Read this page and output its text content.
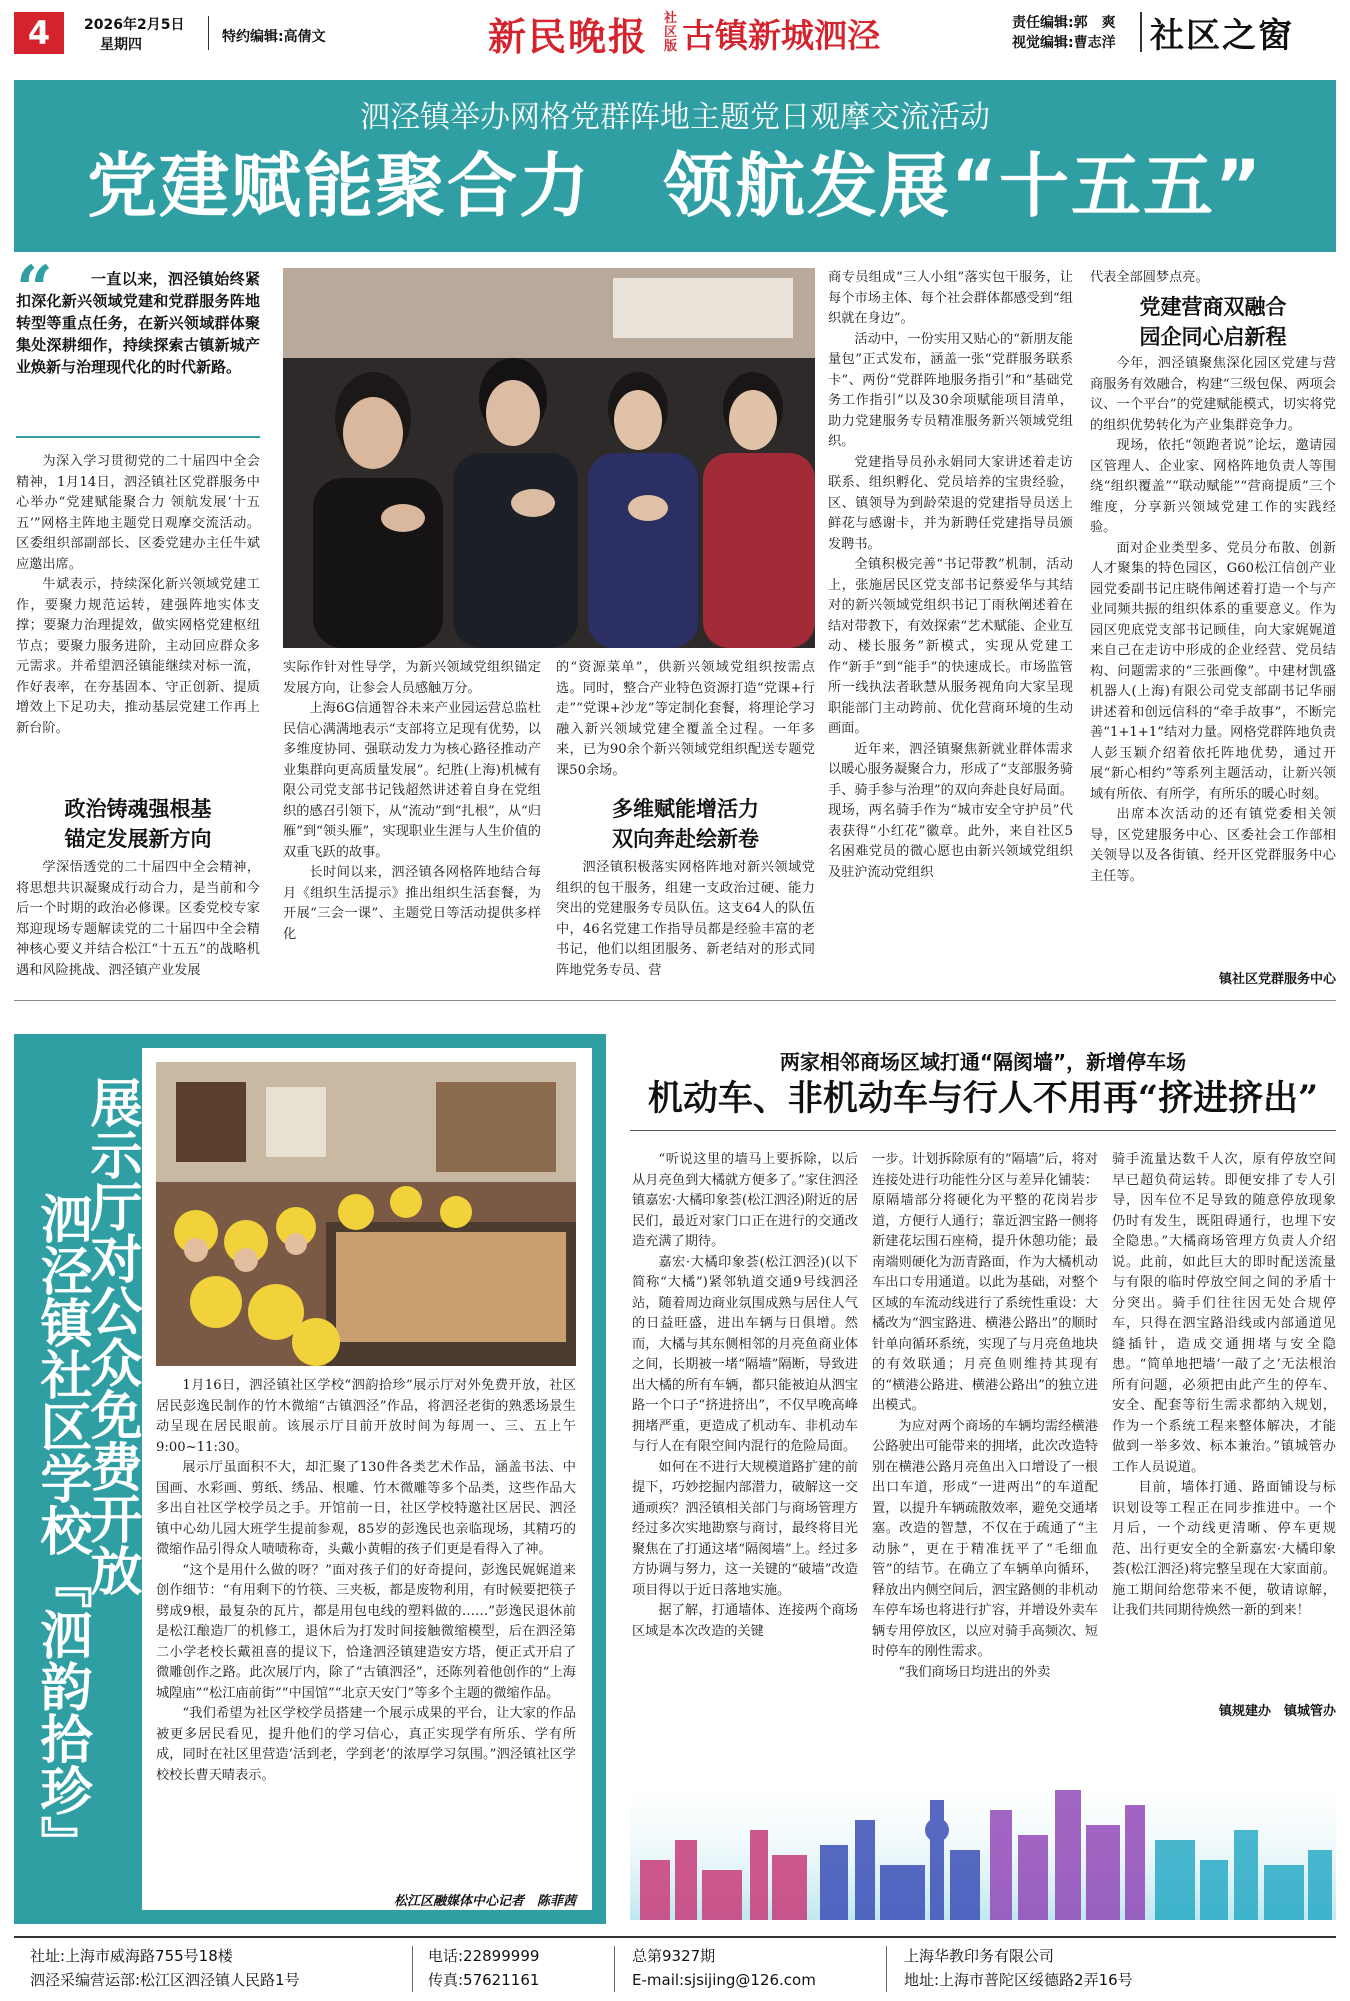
4	2026年2月5日
星期四	特约编辑:高倩文	新民晚报 社区版 古镇新城泗泾	责任编辑:郭　爽
视觉编辑:曹志洋 社区之窗
泗泾镇举办网格党群阵地主题党日观摩交流活动
党建赋能聚合力　领航发展“十五五”
“	一直以来，泗泾镇始终紧扣深化新兴领域党建和党群服务阵地转型等重点任务，在新兴领域群体聚集处深耕细作，持续探索古镇新城产业焕新与治理现代化的时代新路。

为深入学习贯彻党的二十届四中全会精神，1月14日，泗泾镇社区党群服务中心举办“党建赋能聚合力 领航发展‘十五五’”网格主阵地主题党日观摩交流活动。区委组织部副部长、区委党建办主任牛斌应邀出席。

牛斌表示，持续深化新兴领域党建工作，要聚力规范运转，建强阵地实体支撑；要聚力治理提效，做实网格党建枢纽节点；要聚力服务进阶，主动回应群众多元需求。并希望泗泾镇能继续对标一流，作好表率，在夯基固本、守正创新、提质增效上下足功夫，推动基层党建工作再上新台阶。

政治铸魂强根基
锚定发展新方向

学深悟透党的二十届四中全会精神，将思想共识凝聚成行动合力，是当前和今后一个时期的政治必修课。区委党校专家郑迎现场专题解读党的二十届四中全会精神核心要义并结合松江“十五五”的战略机遇和风险挑战、泗泾镇产业发展

实际作针对性导学，为新兴领域党组织锚定发展方向，让参会人员感触万分。

上海6G信通智谷未来产业园运营总监杜民信心满满地表示“支部将立足现有优势，以多维度协同、强联动发力为核心路径推动产业集群向更高质量发展”。纪胜(上海)机械有限公司党支部书记钱超然讲述着自身在党组织的感召引领下，从“流动”到“扎根”，从“归雁”到“领头雁”，实现职业生涯与人生价值的双重飞跃的故事。

长时间以来，泗泾镇各网格阵地结合每月《组织生活提示》推出组织生活套餐，为开展“三会一课”、主题党日等活动提供多样化

的“资源菜单”，供新兴领域党组织按需点选。同时，整合产业特色资源打造“党课+行走”“党课+沙龙”等定制化套餐，将理论学习融入新兴领域党建全覆盖全过程。一年多来，已为90余个新兴领域党组织配送专题党课50余场。

多维赋能增活力
双向奔赴绘新卷

泗泾镇积极落实网格阵地对新兴领域党组织的包干服务，组建一支政治过硬、能力突出的党建服务专员队伍。这支64人的队伍中，46名党建工作指导员都是经验丰富的老书记，他们以组团服务、新老结对的形式同阵地党务专员、营

商专员组成“三人小组”落实包干服务，让每个市场主体、每个社会群体都感受到“组织就在身边”。

活动中，一份实用又贴心的“新朋友能量包”正式发布，涵盖一张“党群服务联系卡”、两份“党群阵地服务指引”和“基础党务工作指引”以及30余项赋能项目清单，助力党建服务专员精准服务新兴领域党组织。

党建指导员孙永娟同大家讲述着走访联系、组织孵化、党员培养的宝贵经验，区、镇领导为到龄荣退的党建指导员送上鲜花与感谢卡，并为新聘任党建指导员颁发聘书。

全镇积极完善“书记带教”机制，活动上，张施居民区党支部书记蔡爱华与其结对的新兴领域党组织书记丁雨秋阐述着在结对带教下，有效探索“艺术赋能、企业互动、楼长服务”新模式，实现从党建工作“新手”到“能手”的快速成长。市场监管所一线执法者耿慧从服务视角向大家呈现职能部门主动跨前、优化营商环境的生动画面。

近年来，泗泾镇聚焦新就业群体需求以暖心服务凝聚合力，形成了“支部服务骑手、骑手参与治理”的双向奔赴良好局面。现场，两名骑手作为“城市安全守护员”代表获得“小红花”徽章。此外，来自社区5名困难党员的微心愿也由新兴领域党组织及驻沪流动党组织

代表全部圆梦点亮。

党建营商双融合
园企同心启新程

今年，泗泾镇聚焦深化园区党建与营商服务有效融合，构建“三级包保、两项会议、一个平台”的党建赋能模式，切实将党的组织优势转化为产业集群竞争力。

现场，依托“领跑者说”论坛，邀请园区管理人、企业家、网格阵地负责人等围绕“组织覆盖”“联动赋能”“营商提质”三个维度，分享新兴领域党建工作的实践经验。

面对企业类型多、党员分布散、创新人才聚集的特色园区，G60松江信创产业园党委副书记庄晓伟阐述着打造一个与产业同频共振的组织体系的重要意义。作为园区兜底党支部书记顾佳，向大家娓娓道来自己在走访中形成的企业经营、党员结构、问题需求的“三张画像”。中建材凯盛机器人(上海)有限公司党支部副书记华丽讲述着和创远信科的“牵手故事”，不断完善“1+1+1”结对力量。网格党群阵地负责人彭玉颖介绍着依托阵地优势，通过开展“新心相约”等系列主题活动，让新兴领域有所依、有所学，有所乐的暖心时刻。

出席本次活动的还有镇党委相关领导，区党建服务中心、区委社会工作部相关领导以及各街镇、经开区党群服务中心主任等。

镇社区党群服务中心
展示厅对公众免费开放
泗泾镇社区学校『泗韵拾珍』	1月16日，泗泾镇社区学校“泗韵拾珍”展示厅对外免费开放，社区居民彭逸民制作的竹木微缩“古镇泗泾”作品，将泗泾老街的熟悉场景生动呈现在居民眼前。该展示厅目前开放时间为每周一、三、五上午9:00~11:30。

展示厅虽面积不大，却汇聚了130件各类艺术作品，涵盖书法、中国画、水彩画、剪纸、绣品、根雕、竹木微雕等多个品类，这些作品大多出自社区学校学员之手。开馆前一日，社区学校特邀社区居民、泗泾镇中心幼儿园大班学生提前参观，85岁的彭逸民也亲临现场，其精巧的微缩作品引得众人啧啧称奇，头戴小黄帽的孩子们更是看得入了神。

“这个是用什么做的呀？”面对孩子们的好奇提问，彭逸民娓娓道来创作细节：“有用剩下的竹筷、三夹板，都是废物利用，有时候要把筷子劈成9根，最复杂的瓦片，都是用包电线的塑料做的……”彭逸民退休前是松江酿造厂的机修工，退休后为打发时间接触微缩模型，后在泗泾第二小学老校长戴祖喜的提议下，恰逢泗泾镇建造安方塔，便正式开启了微雕创作之路。此次展厅内，除了“古镇泗泾”，还陈列着他创作的“上海城隍庙”“松江庙前街”“中国馆”“北京天安门”等多个主题的微缩作品。

“我们希望为社区学校学员搭建一个展示成果的平台，让大家的作品被更多居民看见，提升他们的学习信心，真正实现学有所乐、学有所成，同时在社区里营造‘活到老，学到老’的浓厚学习氛围。”泗泾镇社区学校校长曹天晴表示。

松江区融媒体中心记者　陈菲茜
两家相邻商场区域打通“隔阂墙”，新增停车场
机动车、非机动车与行人不用再“挤进挤出”

“听说这里的墙马上要拆除，以后从月亮鱼到大橘就方便多了。”家住泗泾镇嘉宏·大橘印象荟(松江泗泾)附近的居民们，最近对家门口正在进行的交通改造充满了期待。

嘉宏·大橘印象荟(松江泗泾)(以下简称“大橘”)紧邻轨道交通9号线泗泾站，随着周边商业氛围成熟与居住人气的日益旺盛，进出车辆与日俱增。然而，大橘与其东侧相邻的月亮鱼商业体之间，长期被一堵“隔墙”隔断，导致进出大橘的所有车辆，都只能被迫从泗宝路一个口子“挤进挤出”，不仅早晚高峰拥堵严重，更造成了机动车、非机动车与行人在有限空间内混行的危险局面。

如何在不进行大规模道路扩建的前提下，巧妙挖掘内部潜力，破解这一交通顽疾？泗泾镇相关部门与商场管理方经过多次实地勘察与商讨，最终将目光聚焦在了打通这堵“隔阂墙”上。经过多方协调与努力，这一关键的“破墙”改造项目得以于近日落地实施。

据了解，打通墙体、连接两个商场区域是本次改造的关键

一步。计划拆除原有的“隔墙”后，将对连接处进行功能性分区与差异化铺装：原隔墙部分将硬化为平整的花岗岩步道，方便行人通行；靠近泗宝路一侧将新建花坛围石座椅，提升休憩功能；最南端则硬化为沥青路面，作为大橘机动车出口专用通道。以此为基础，对整个区域的车流动线进行了系统性重设：大橘改为“泗宝路进、横港公路出”的顺时针单向循环系统，实现了与月亮鱼地块的有效联通；月亮鱼则维持其现有的“横港公路进、横港公路出”的独立进出模式。

为应对两个商场的车辆均需经横港公路驶出可能带来的拥堵，此次改造特别在横港公路月亮鱼出入口增设了一根出口车道，形成“一进两出”的车道配置，以提升车辆疏散效率，避免交通堵塞。改造的智慧，不仅在于疏通了“主动脉”，更在于精准抚平了“毛细血管”的结节。在确立了车辆单向循环，释放出内侧空间后，泗宝路侧的非机动车停车场也将进行扩容，并增设外卖车辆专用停放区，以应对骑手高频次、短时停车的刚性需求。

“我们商场日均进出的外卖

骑手流量达数千人次，原有停放空间早已超负荷运转。即便安排了专人引导，因车位不足导致的随意停放现象仍时有发生，既阻碍通行，也埋下安全隐患。”大橘商场管理方负责人介绍说。此前，如此巨大的即时配送流量与有限的临时停放空间之间的矛盾十分突出。骑手们往往因无处合规停车，只得在泗宝路沿线或内部通道见缝插针，造成交通拥堵与安全隐患。“简单地把墙‘一敲了之’无法根治所有问题，必须把由此产生的停车、安全、配套等衍生需求都纳入规划，作为一个系统工程来整体解决，才能做到一举多效、标本兼治。”镇城管办工作人员说道。

目前，墙体打通、路面铺设与标识划设等工程正在同步推进中。一个月后，一个动线更清晰、停车更规范、出行更安全的全新嘉宏·大橘印象荟(松江泗泾)将完整呈现在大家面前。施工期间给您带来不便，敬请谅解，让我们共同期待焕然一新的到来！

镇规建办　镇城管办
社址:上海市威海路755号18楼
泗泾采编营运部:松江区泗泾镇人民路1号
电话:22899999
传真:57621161
总第9327期
E-mail:sjsijing@126.com
上海华教印务有限公司
地址:上海市普陀区绥德路2弄16号
